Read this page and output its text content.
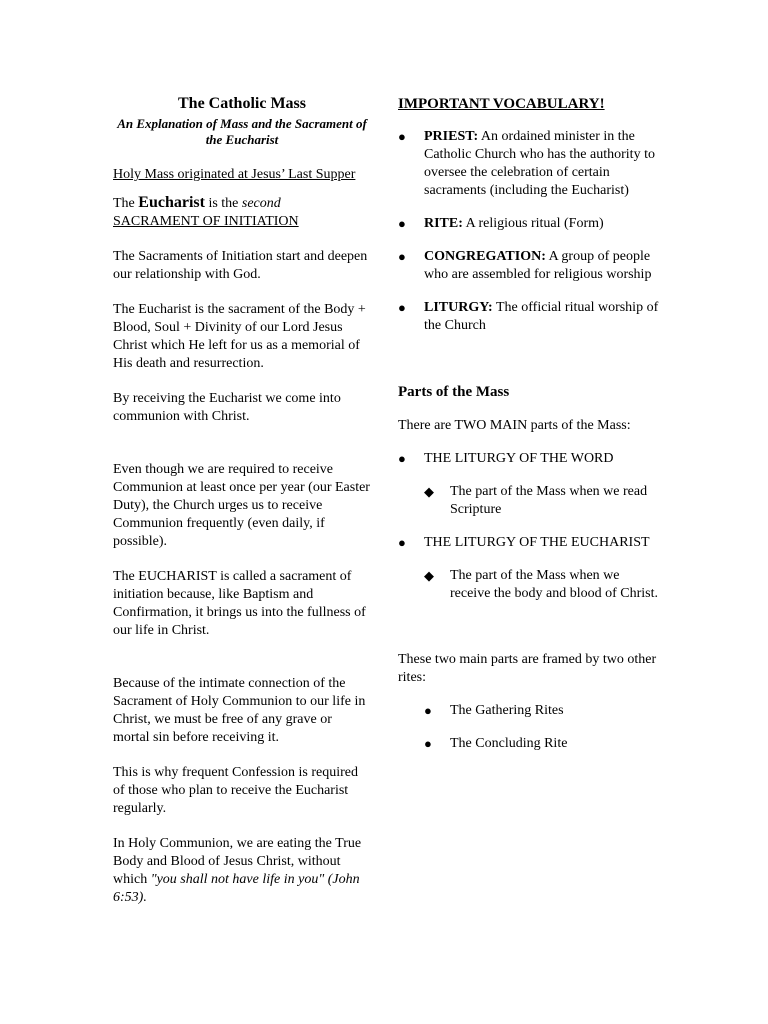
The Catholic Mass

An Explanation of Mass and the Sacrament of the Eucharist

Holy Mass originated at Jesus’ Last Supper

The Eucharist is the second
SACRAMENT OF INITIATION

The Sacraments of Initiation start and deepen our relationship with God.

The Eucharist is the sacrament of the Body + Blood, Soul + Divinity of our Lord Jesus Christ which He left for us as a memorial of His death and resurrection.

By receiving the Eucharist we come into communion with Christ.

Even though we are required to receive Communion at least once per year (our Easter Duty), the Church urges us to receive Communion frequently (even daily, if possible).

The EUCHARIST is called a sacrament of initiation because, like Baptism and Confirmation, it brings us into the fullness of our life in Christ.

Because of the intimate connection of the Sacrament of Holy Communion to our life in Christ, we must be free of any grave or mortal sin before receiving it.

This is why frequent Confession is required of those who plan to receive the Eucharist regularly.

In Holy Communion, we are eating the True Body and Blood of Jesus Christ, without which "you shall not have life in you" (John 6:53).

IMPORTANT VOCABULARY!

● PRIEST: An ordained minister in the Catholic Church who has the authority to oversee the celebration of certain sacraments (including the Eucharist)
● RITE: A religious ritual (Form)
● CONGREGATION: A group of people who are assembled for religious worship
● LITURGY: The official ritual worship of the Church

Parts of the Mass

There are TWO MAIN parts of the Mass:

● THE LITURGY OF THE WORD
◆ The part of the Mass when we read Scripture
● THE LITURGY OF THE EUCHARIST
◆ The part of the Mass when we receive the body and blood of Christ.

These two main parts are framed by two other rites:

● The Gathering Rites
● The Concluding Rite
